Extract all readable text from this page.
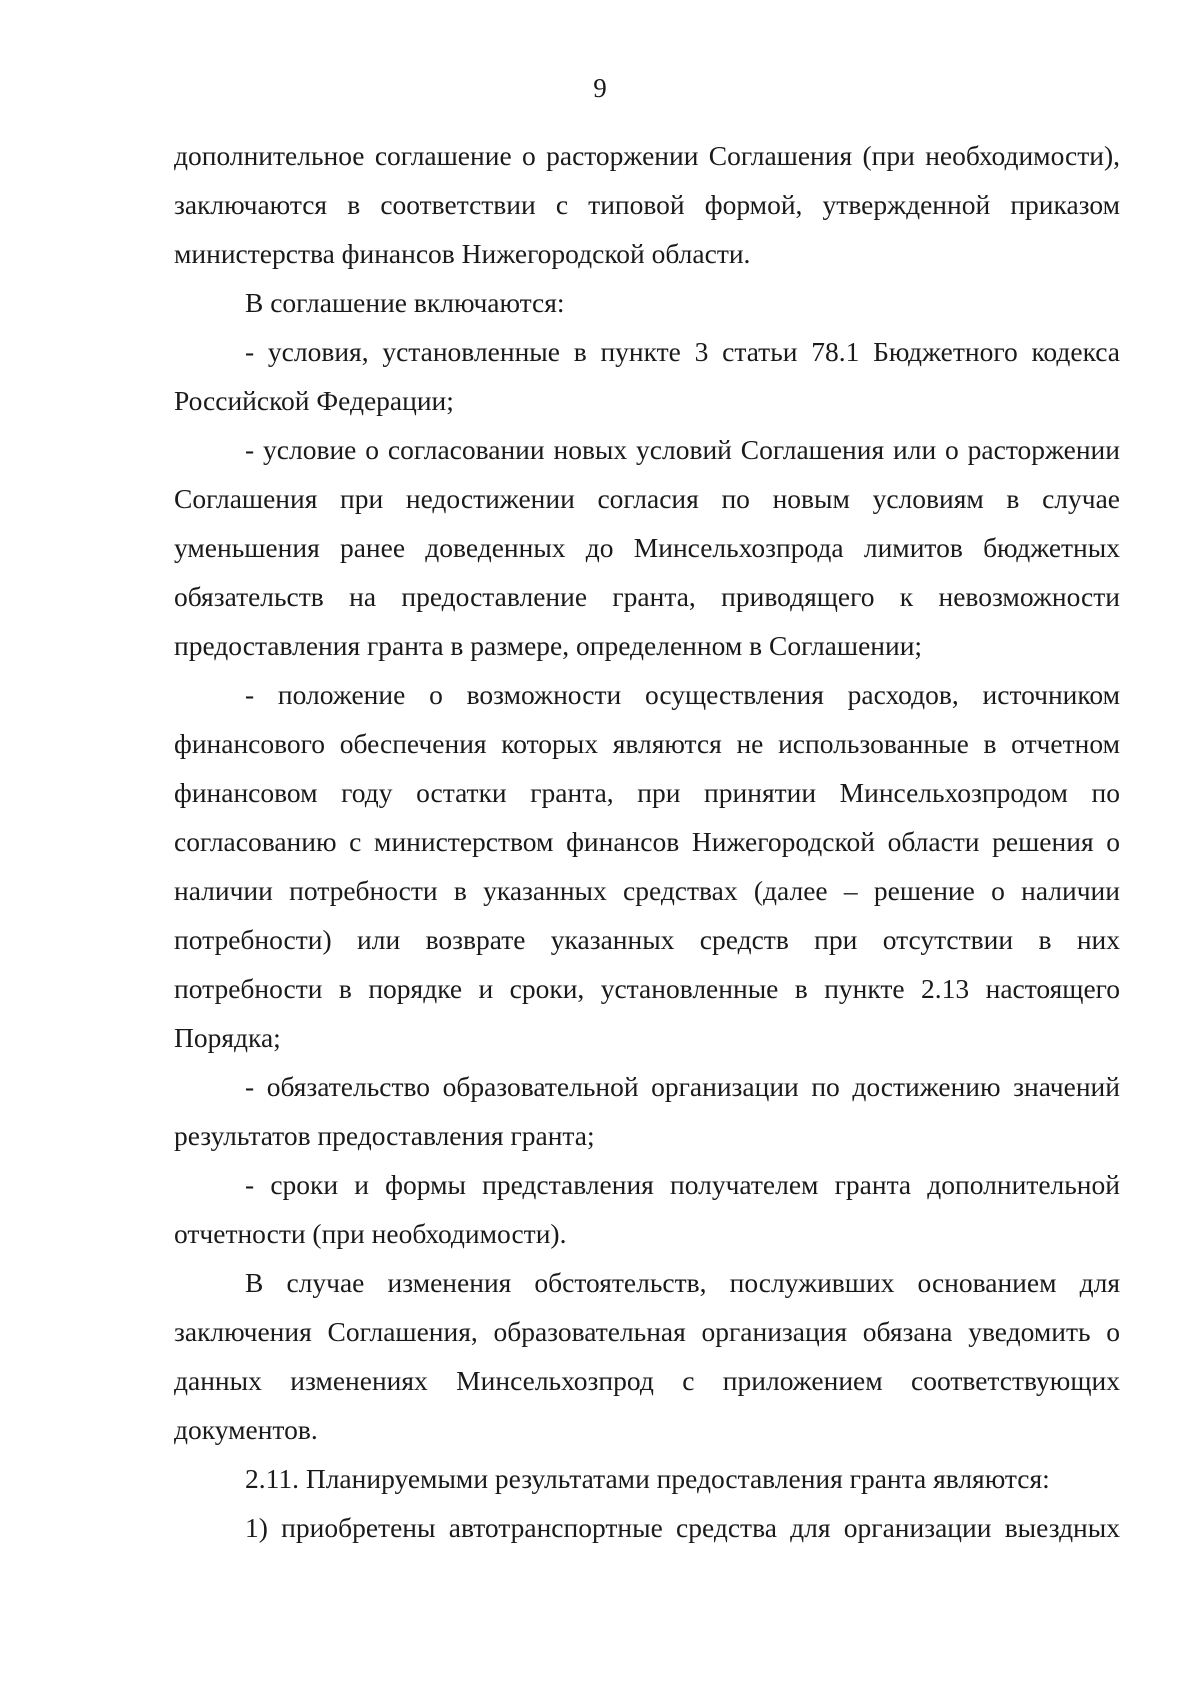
9

дополнительное соглашение о расторжении Соглашения (при необходимости), заключаются в соответствии с типовой формой, утвержденной приказом министерства финансов Нижегородской области.

В соглашение включаются:

- условия, установленные в пункте 3 статьи 78.1 Бюджетного кодекса Российской Федерации;

- условие о согласовании новых условий Соглашения или о расторжении Соглашения при недостижении согласия по новым условиям в случае уменьшения ранее доведенных до Минсельхозпрода лимитов бюджетных обязательств на предоставление гранта, приводящего к невозможности предоставления гранта в размере, определенном в Соглашении;

- положение о возможности осуществления расходов, источником финансового обеспечения которых являются не использованные в отчетном финансовом году остатки гранта, при принятии Минсельхозпродом по согласованию с министерством финансов Нижегородской области решения о наличии потребности в указанных средствах (далее – решение о наличии потребности) или возврате указанных средств при отсутствии в них потребности в порядке и сроки, установленные в пункте 2.13 настоящего Порядка;

- обязательство образовательной организации по достижению значений результатов предоставления гранта;

- сроки и формы представления получателем гранта дополнительной отчетности (при необходимости).

В случае изменения обстоятельств, послуживших основанием для заключения Соглашения, образовательная организация обязана уведомить о данных изменениях Минсельхозпрод с приложением соответствующих документов.

2.11. Планируемыми результатами предоставления гранта являются:

1) приобретены автотранспортные средства для организации выездных
